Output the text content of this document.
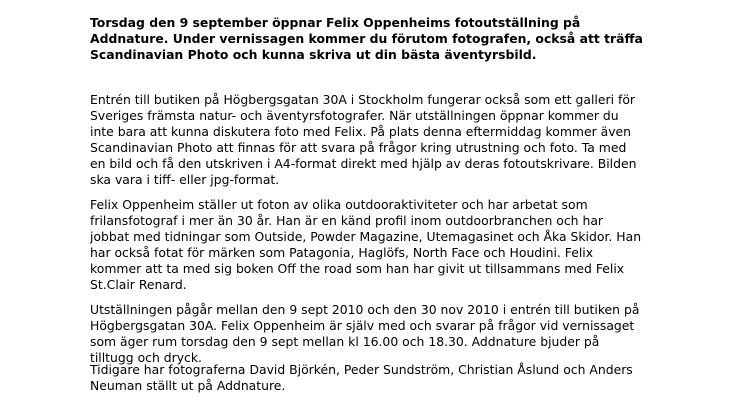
Torsdag den 9 september öppnar Felix Oppenheims fotoutställning på
Addnature. Under vernissagen kommer du förutom fotografen, också att träffa
Scandinavian Photo och kunna skriva ut din bästa äventyrsbild.

Entrén till butiken på Högbergsgatan 30A i Stockholm fungerar också som ett galleri för
Sveriges främsta natur- och äventyrsfotografer. När utställningen öppnar kommer du
inte bara att kunna diskutera foto med Felix. På plats denna eftermiddag kommer även
Scandinavian Photo att finnas för att svara på frågor kring utrustning och foto. Ta med
en bild och få den utskriven i A4-format direkt med hjälp av deras fotoutskrivare. Bilden
ska vara i tiff- eller jpg-format.

Felix Oppenheim ställer ut foton av olika outdooraktiviteter och har arbetat som
frilansfotograf i mer än 30 år. Han är en känd profil inom outdoorbranchen och har
jobbat med tidningar som Outside, Powder Magazine, Utemagasinet och Åka Skidor. Han
har också fotat för märken som Patagonia, Haglöfs, North Face och Houdini. Felix
kommer att ta med sig boken Off the road som han har givit ut tillsammans med Felix
St.Clair Renard.

Utställningen pågår mellan den 9 sept 2010 och den 30 nov 2010 i entrén till butiken på
Högbergsgatan 30A. Felix Oppenheim är själv med och svarar på frågor vid vernissaget
som äger rum torsdag den 9 sept mellan kl 16.00 och 18.30. Addnature bjuder på
tilltugg och dryck.

Tidigare har fotograferna David Björkén, Peder Sundström, Christian Åslund och Anders
Neuman ställt ut på Addnature.
